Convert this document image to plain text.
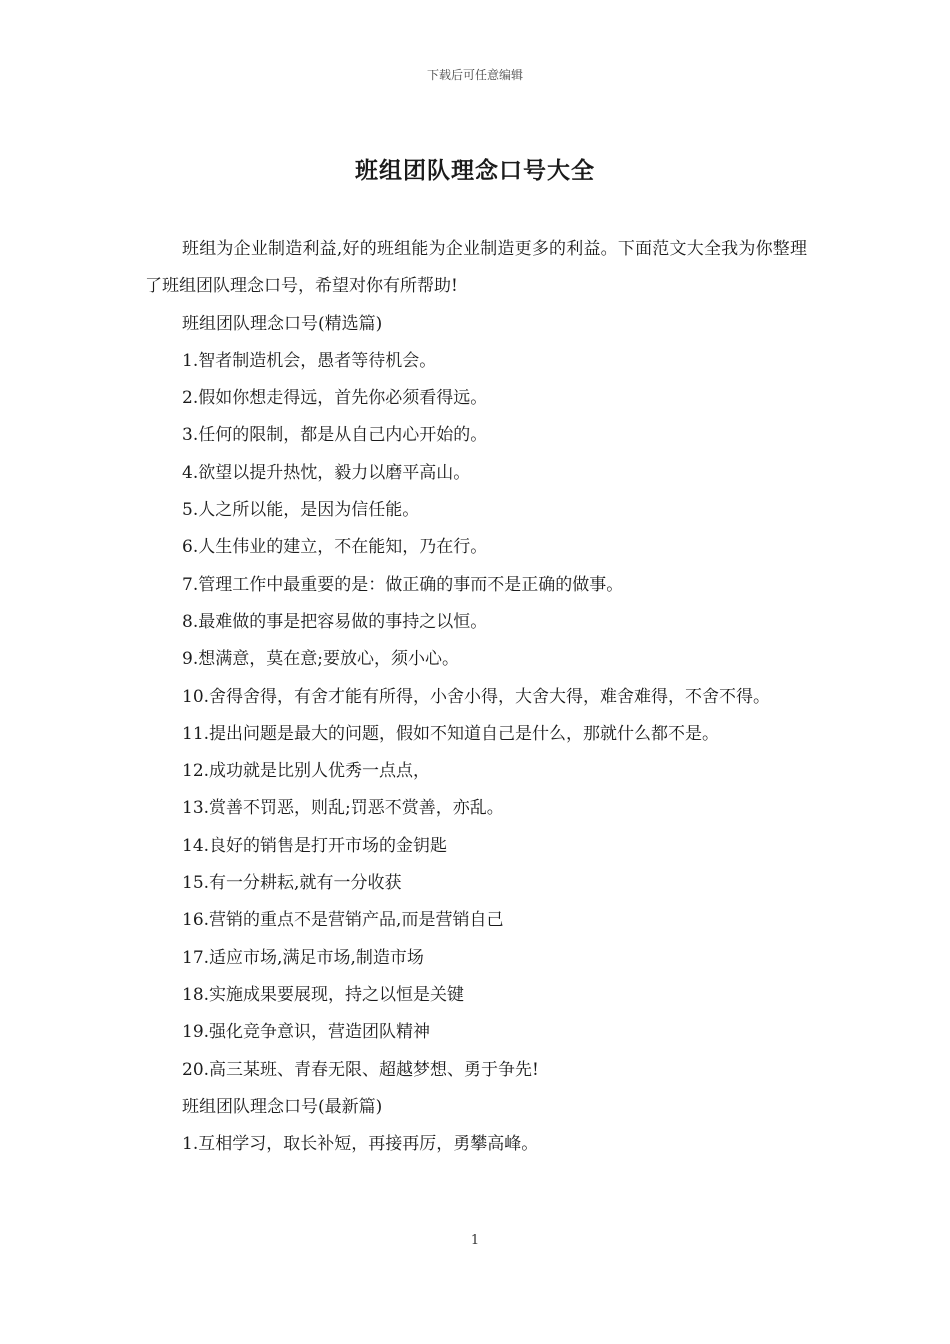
下载后可任意编辑
班组团队理念口号大全

班组为企业制造利益,好的班组能为企业制造更多的利益。下面范文大全我为你整理了班组团队理念口号，希望对你有所帮助!

班组团队理念口号(精选篇)

1.智者制造机会，愚者等待机会。

2.假如你想走得远，首先你必须看得远。

3.任何的限制，都是从自己内心开始的。

4.欲望以提升热忱，毅力以磨平高山。

5.人之所以能，是因为信任能。

6.人生伟业的建立，不在能知，乃在行。

7.管理工作中最重要的是：做正确的事而不是正确的做事。

8.最难做的事是把容易做的事持之以恒。

9.想满意，莫在意;要放心，须小心。

10.舍得舍得，有舍才能有所得，小舍小得，大舍大得，难舍难得，不舍不得。

11.提出问题是最大的问题，假如不知道自己是什么，那就什么都不是。

12.成功就是比别人优秀一点点，

13.赏善不罚恶，则乱;罚恶不赏善，亦乱。

14.良好的销售是打开市场的金钥匙

15.有一分耕耘,就有一分收获

16.营销的重点不是营销产品,而是营销自己

17.适应市场,满足市场,制造市场

18.实施成果要展现，持之以恒是关键

19.强化竞争意识，营造团队精神

20.高三某班、青春无限、超越梦想、勇于争先!

班组团队理念口号(最新篇)

1.互相学习，取长补短，再接再厉，勇攀高峰。

1
